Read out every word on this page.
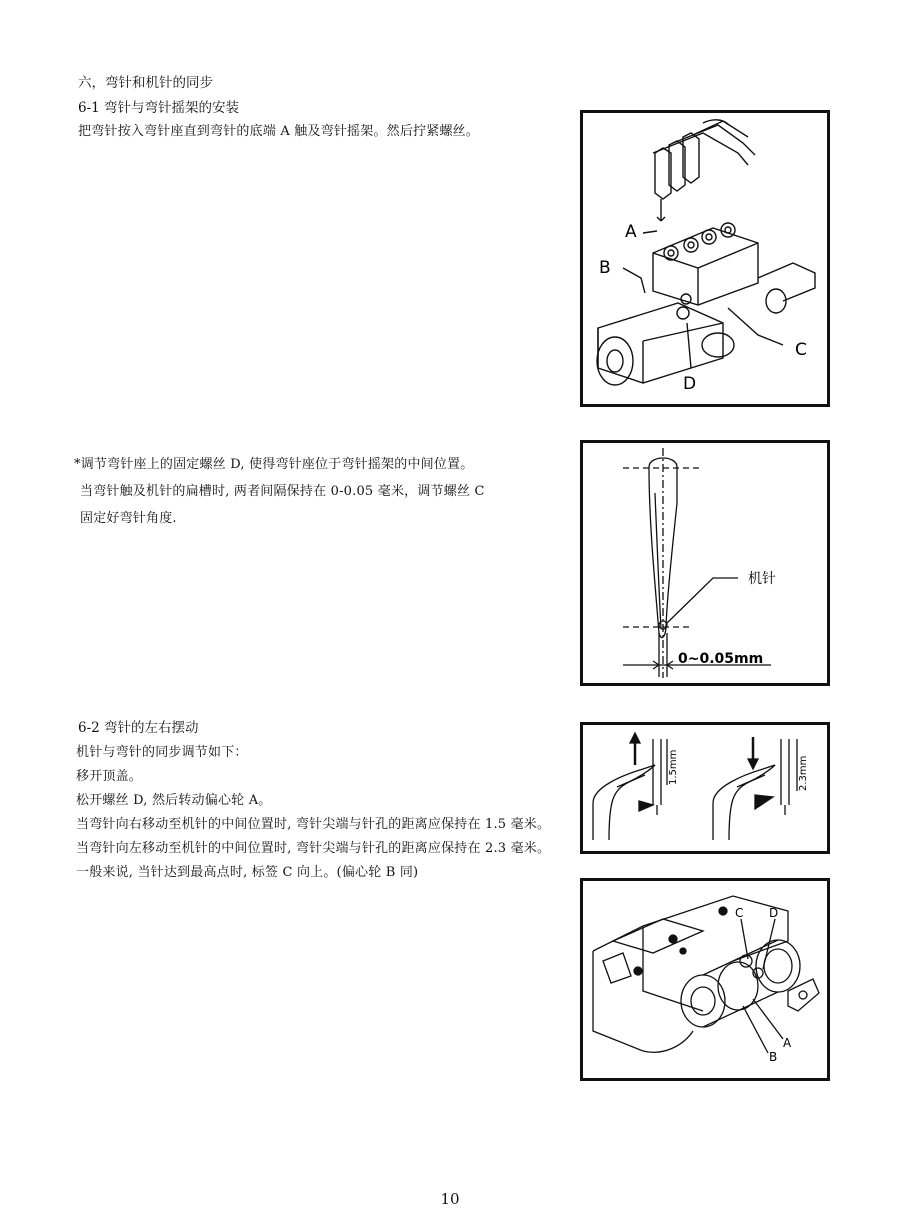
六，弯针和机针的同步
6-1 弯针与弯针摇架的安装
把弯针按入弯针座直到弯针的底端 A 触及弯针摇架。然后拧紧螺丝。
*调节弯针座上的固定螺丝 D, 使得弯针座位于弯针摇架的中间位置。
当弯针触及机针的扁槽时, 两者间隔保持在 0-0.05 毫米，调节螺丝 C
固定好弯针角度.
6-2 弯针的左右摆动
机针与弯针的同步调节如下：
移开顶盖。
松开螺丝 D, 然后转动偏心轮 A。
当弯针向右移动至机针的中间位置时, 弯针尖端与针孔的距离应保持在 1.5 毫米。
当弯针向左移动至机针的中间位置时, 弯针尖端与针孔的距离应保持在 2.3 毫米。
一般来说, 当针达到最高点时, 标签 C 向上。(偏心轮 B 同)
A
B
C
D
机针
0~0.05mm
1.5mm	2.3mm
C D
A
B
10
